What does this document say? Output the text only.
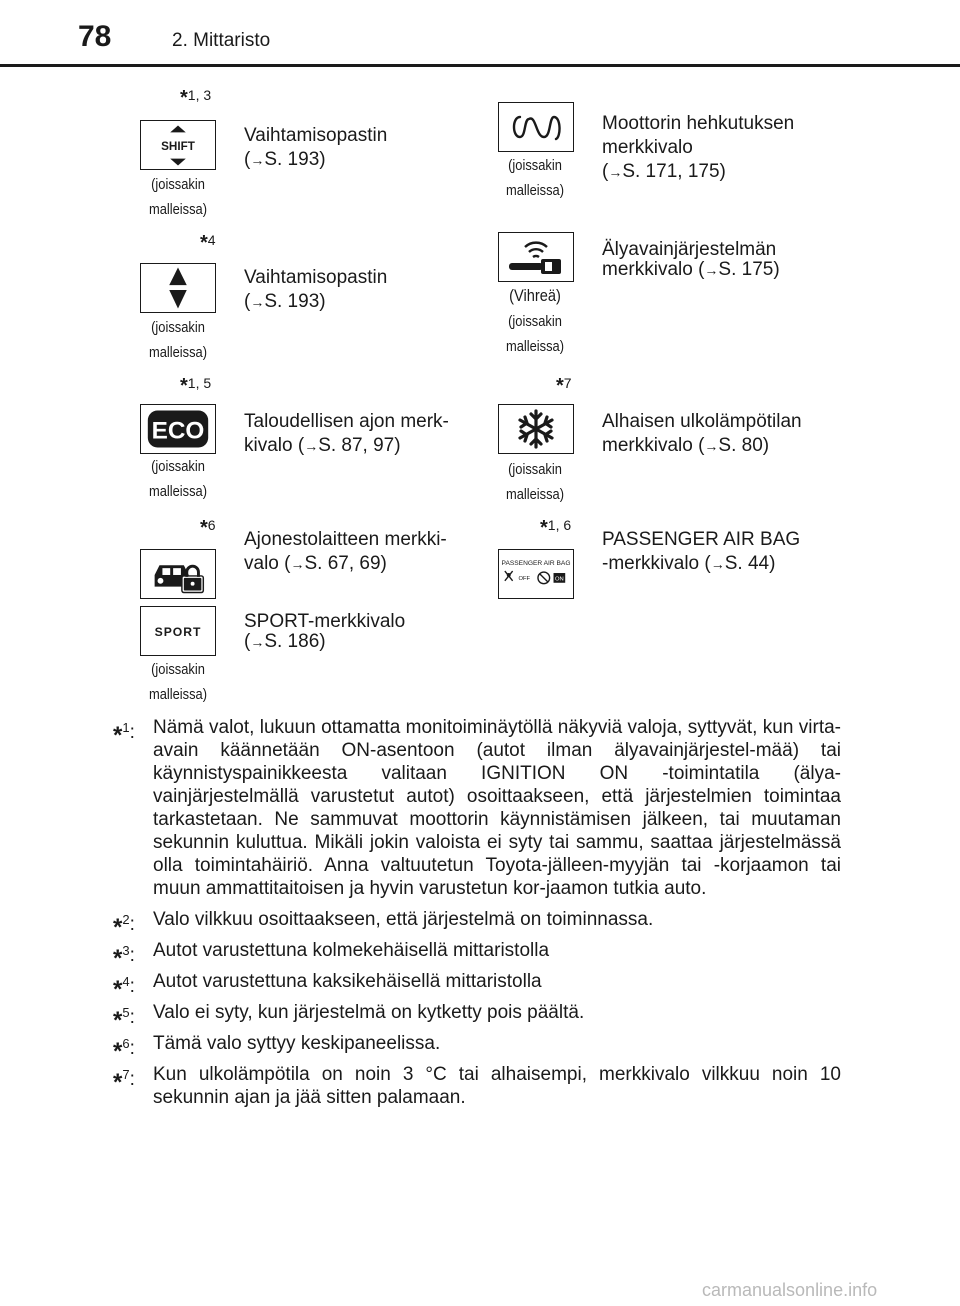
78	2. Mittaristo
*1, 3
SHIFT
(joissakin
malleissa)
Vaihtamisopastin
(→S. 193)	(joissakin
malleissa)
Moottorin hehkutuksen
merkkivalo
(→S. 171, 175)
*4
(joissakin
malleissa)
Vaihtamisopastin
(→S. 193)	(Vihreä)
(joissakin
malleissa)
Älyavainjärjestelmän
merkkivalo (→S. 175)
*1, 5
ECO
(joissakin
malleissa)
Taloudellisen ajon merk-
kivalo (→S. 87, 97)
*7
(joissakin
malleissa)
Alhaisen ulkolämpötilan
merkkivalo (→S. 80)
*6
Ajonestolaitteen merkki-
valo (→S. 67, 69)
*1, 6
PASSENGER AIR BAG
OFF	ON
PASSENGER AIR BAG
-merkkivalo (→S. 44)
SPORT
(joissakin
malleissa)
SPORT-merkkivalo
(→S. 186)
*$^1$: Nämä valot, lukuun ottamatta monitoiminäytöllä näkyviä valoja, syttyvät, kun virta-avain käännetään ON-asentoon (autot ilman älyavainjärjestel-mää) tai käynnistyspainikkeesta valitaan IGNITION ON -toimintatila (älya-vainjärjestelmällä varustetut autot) osoittaakseen, että järjestelmien toimintaa tarkastetaan. Ne sammuvat moottorin käynnistämisen jälkeen, tai muutaman sekunnin kuluttua. Mikäli jokin valoista ei syty tai sammu, saattaa järjestelmässä olla toimintahäiriö. Anna valtuutetun Toyota-jälleen-myyjän tai -korjaamon tai muun ammattitaitoisen ja hyvin varustetun kor-jaamon tutkia auto.
*$^2$: Valo vilkkuu osoittaakseen, että järjestelmä on toiminnassa.
*$^3$: Autot varustettuna kolmekehäisellä mittaristolla
*$^4$: Autot varustettuna kaksikehäisellä mittaristolla
*$^5$: Valo ei syty, kun järjestelmä on kytketty pois päältä.
*$^6$: Tämä valo syttyy keskipaneelissa.
*$^7$: Kun ulkolämpötila on noin 3 °C tai alhaisempi, merkkivalo vilkkuu noin 10 sekunnin ajan ja jää sitten palamaan.
carmanualsonline.info
